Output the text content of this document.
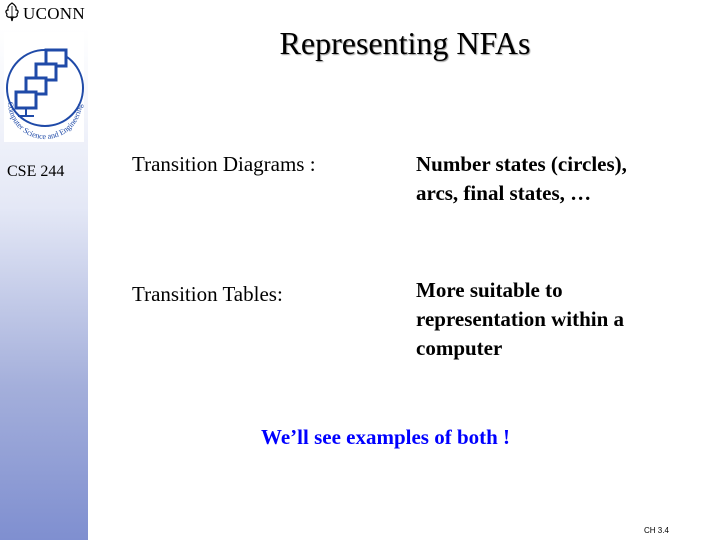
UCONN
Computer Science and Engineering
CSE 244
Representing NFAs
Transition Diagrams :	Number states (circles),
arcs, final states, …
Transition Tables:	More suitable to
representation within a
computer
We’ll see examples of both !
CH 3.4
